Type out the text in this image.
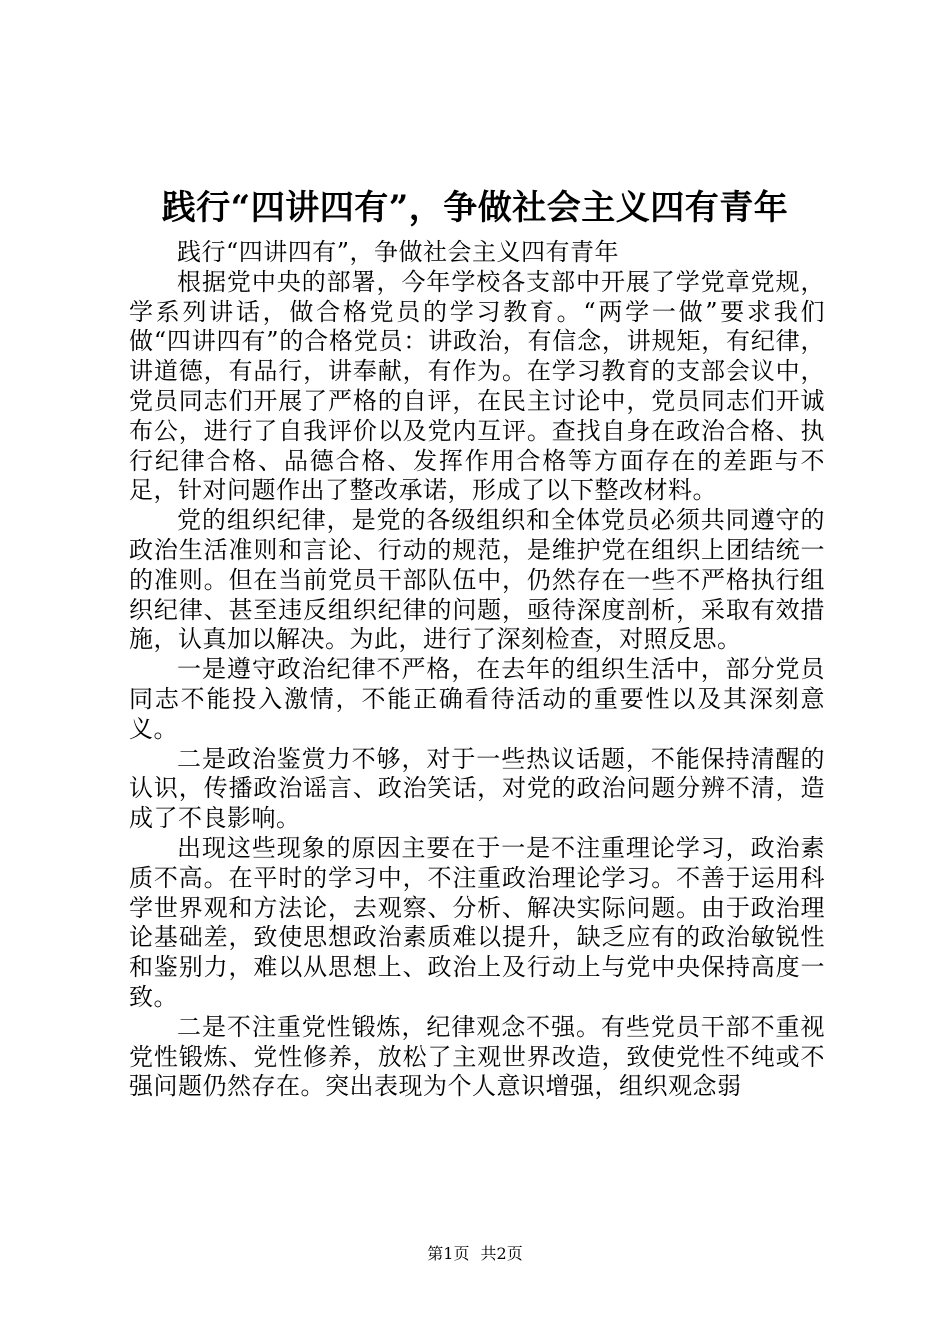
践行“四讲四有”，争做社会主义四有青年

践行“四讲四有”，争做社会主义四有青年

根据党中央的部署，今年学校各支部中开展了学党章党规，学系列讲话，做合格党员的学习教育。“两学一做”要求我们做“四讲四有”的合格党员：讲政治，有信念，讲规矩，有纪律，讲道德，有品行，讲奉献，有作为。在学习教育的支部会议中，党员同志们开展了严格的自评，在民主讨论中，党员同志们开诚布公，进行了自我评价以及党内互评。查找自身在政治合格、执行纪律合格、品德合格、发挥作用合格等方面存在的差距与不足，针对问题作出了整改承诺，形成了以下整改材料。

党的组织纪律，是党的各级组织和全体党员必须共同遵守的政治生活准则和言论、行动的规范，是维护党在组织上团结统一的准则。但在当前党员干部队伍中，仍然存在一些不严格执行组织纪律、甚至违反组织纪律的问题，亟待深度剖析，采取有效措施，认真加以解决。为此，进行了深刻检查，对照反思。

一是遵守政治纪律不严格，在去年的组织生活中，部分党员同志不能投入激情，不能正确看待活动的重要性以及其深刻意义。

二是政治鉴赏力不够，对于一些热议话题，不能保持清醒的认识，传播政治谣言、政治笑话，对党的政治问题分辨不清，造成了不良影响。

出现这些现象的原因主要在于一是不注重理论学习，政治素质不高。在平时的学习中，不注重政治理论学习。不善于运用科学世界观和方法论，去观察、分析、解决实际问题。由于政治理论基础差，致使思想政治素质难以提升，缺乏应有的政治敏锐性和鉴别力，难以从思想上、政治上及行动上与党中央保持高度一致。

二是不注重党性锻炼，纪律观念不强。有些党员干部不重视党性锻炼、党性修养，放松了主观世界改造，致使党性不纯或不强问题仍然存在。突出表现为个人意识增强，组织观念弱

第1页 共2页
